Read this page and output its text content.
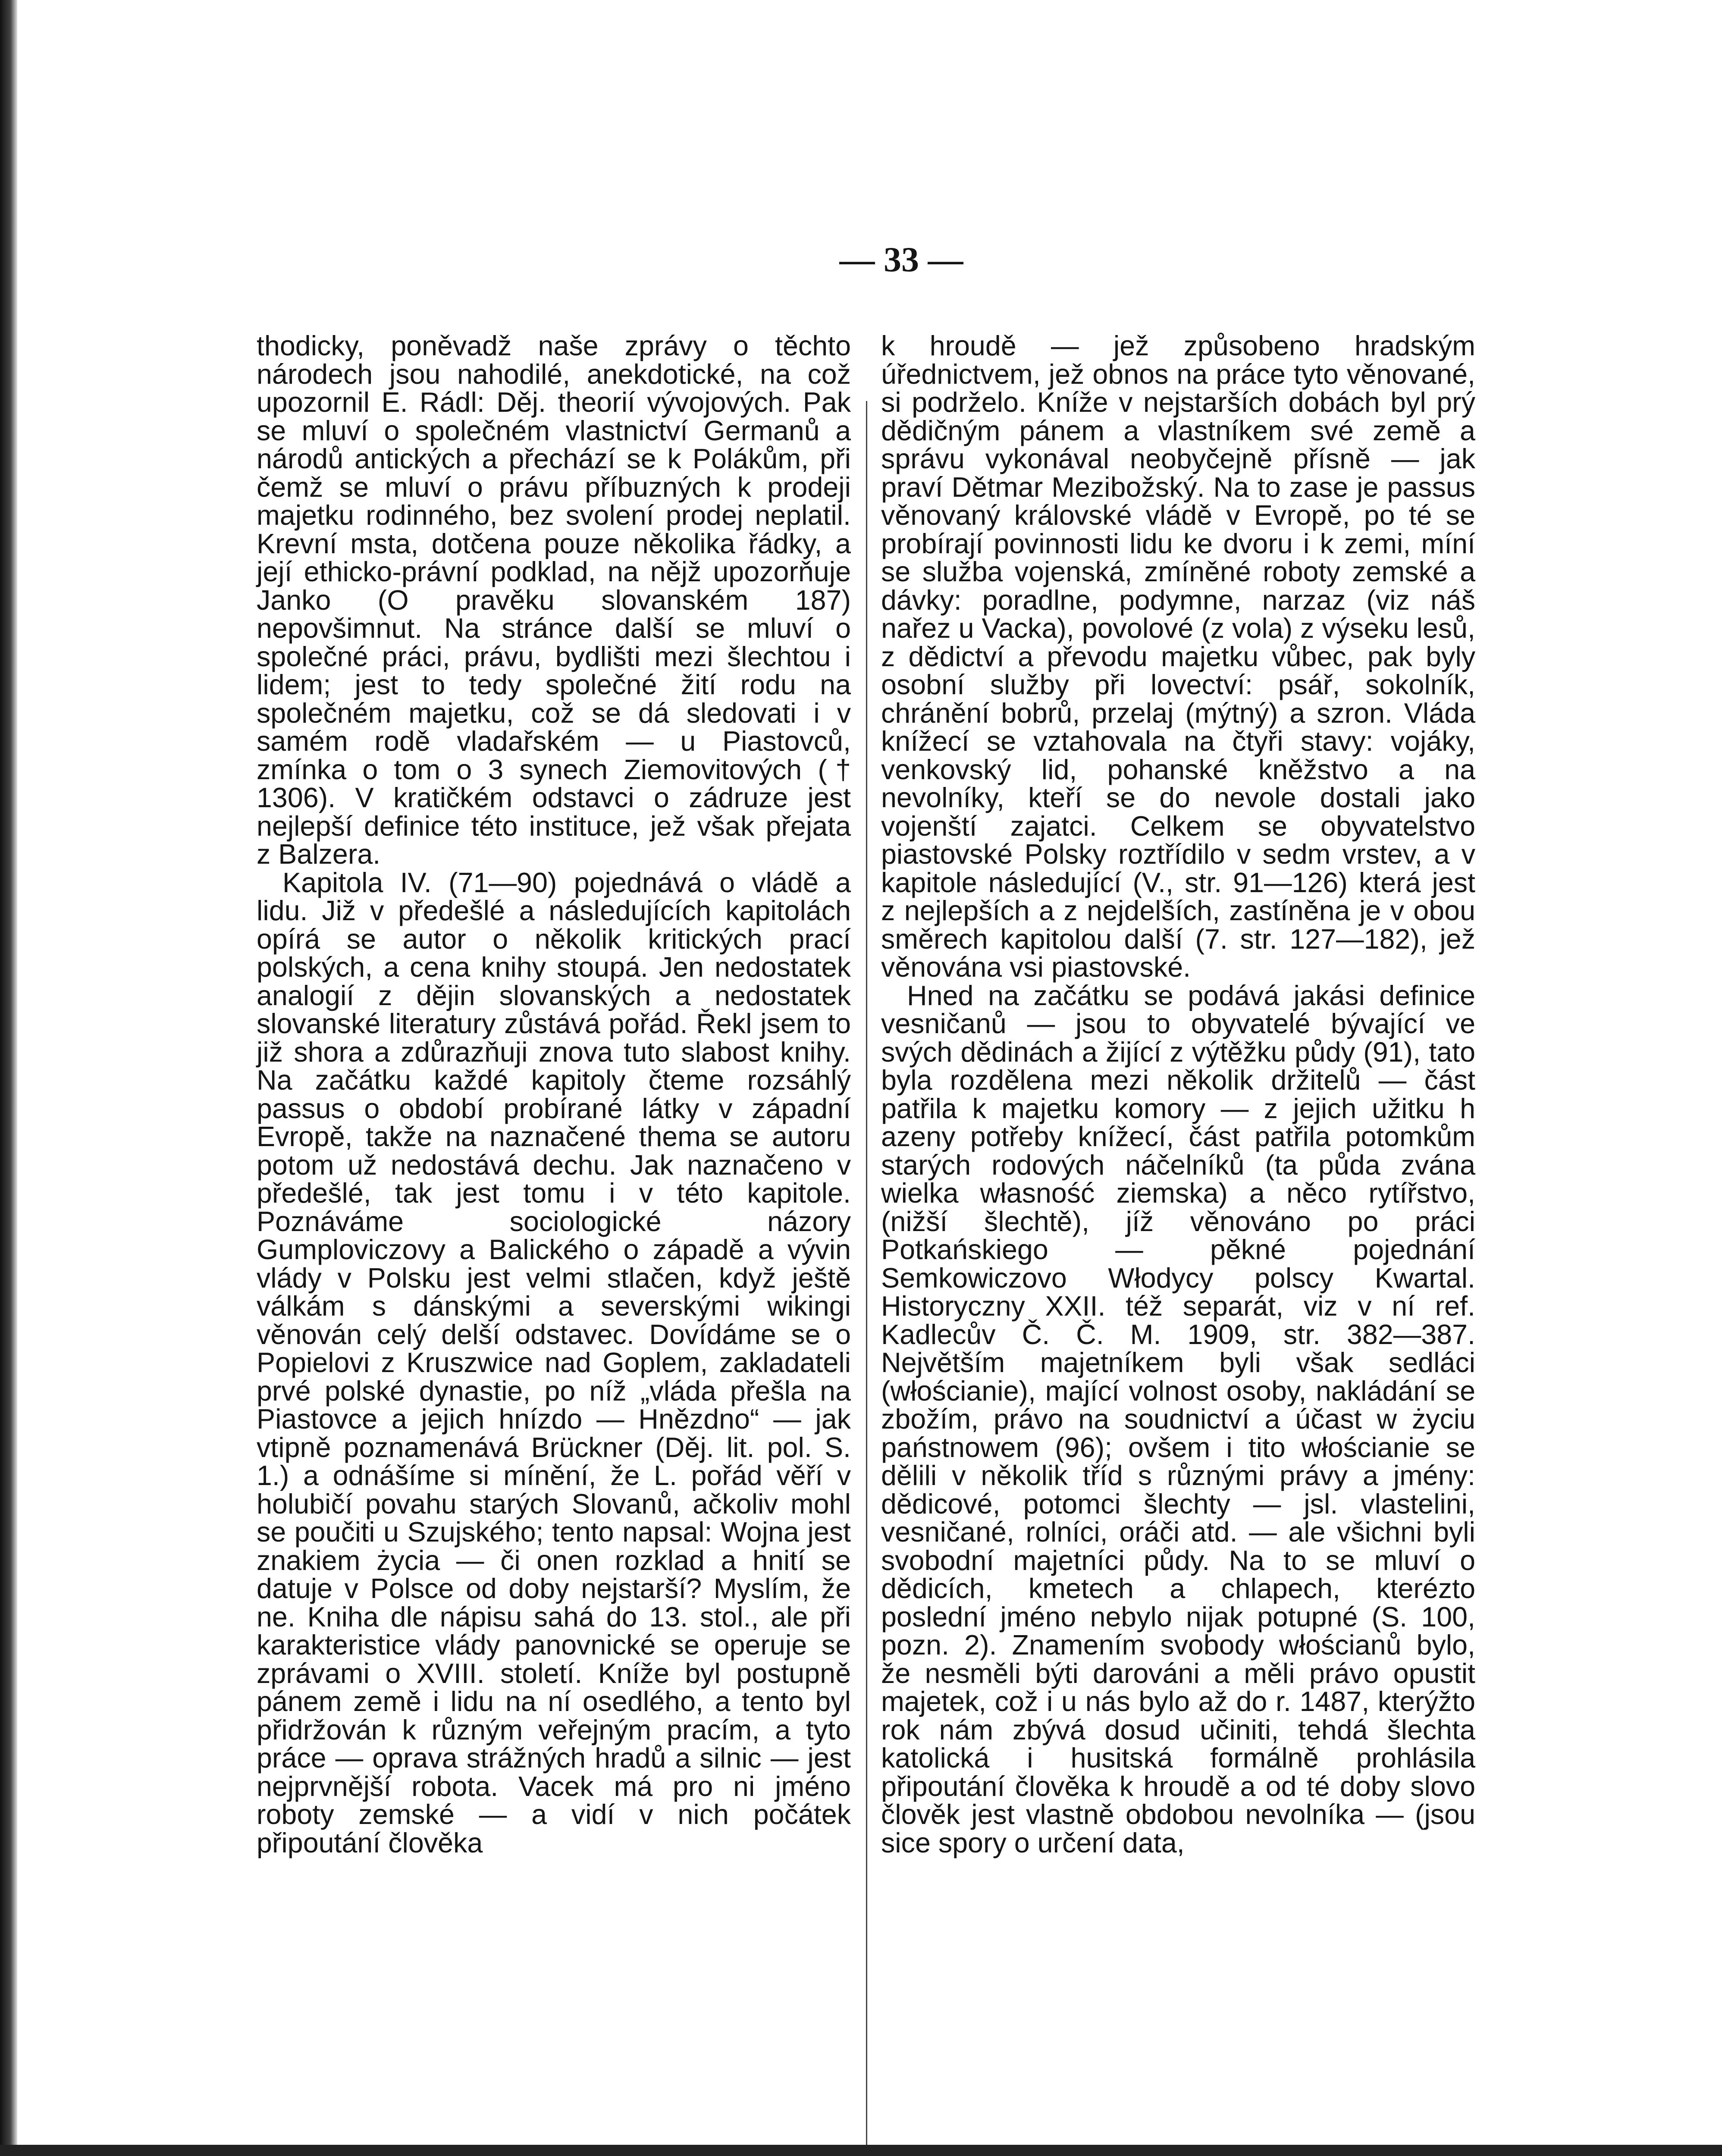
— 33 —

thodicky, poněvadž naše zprávy o těchto národech jsou nahodilé, anekdotické, na což upozornil E. Rádl: Děj. theorií vývojových. Pak se mluví o společném vlastnictví Germanů a národů antických a přechází se k Polákům, při čemž se mluví o právu příbuzných k prodeji majetku rodinného, bez svolení prodej neplatil. Krevní msta, dotčena pouze několika řádky, a její ethicko-právní podklad, na nějž upozorňuje Janko (O pravěku slovanském 187) nepovšimnut. Na stránce další se mluví o společné práci, právu, bydlišti mezi šlechtou i lidem; jest to tedy společné žití rodu na společném majetku, což se dá sledovati i v samém rodě vladařském — u Piastovců, zmínka o tom o 3 synech Ziemovitových († 1306). V kratičkém odstavci o zádruze jest nejlepší definice této instituce, jež však přejata z Balzera.

Kapitola IV. (71—90) pojednává o vládě a lidu. Již v předešlé a následujících kapitolách opírá se autor o několik kritických prací polských, a cena knihy stoupá. Jen nedostatek analogií z dějin slovanských a nedostatek slovanské literatury zůstává pořád. Řekl jsem to již shora a zdůrazňuji znova tuto slabost knihy. Na začátku každé kapitoly čteme rozsáhlý passus o období probírané látky v západní Evropě, takže na naznačené thema se autoru potom už nedostává dechu. Jak naznačeno v předešlé, tak jest tomu i v této kapitole. Poznáváme sociologické názory Gumploviczovy a Balického o západě a vývin vlády v Polsku jest velmi stlačen, když ještě válkám s dánskými a severskými wikingi věnován celý delší odstavec. Dovídáme se o Popielovi z Kruszwice nad Goplem, zakladateli prvé polské dynastie, po níž „vláda přešla na Piastovce a jejich hnízdo — Hnězdno“ — jak vtipně poznamenává Brückner (Děj. lit. pol. S. 1.) a odnášíme si mínění, že L. pořád věří v holubičí povahu starých Slovanů, ačkoliv mohl se poučiti u Szujského; tento napsal: Wojna jest znakiem życia — či onen rozklad a hnití se datuje v Polsce od doby nejstarší? Myslím, že ne. Kniha dle nápisu sahá do 13. stol., ale při karakteristice vlády panovnické se operuje se zprávami o XVIII. století. Kníže byl postupně pánem země i lidu na ní osedlého, a tento byl přidržován k různým veřejným pracím, a tyto práce — oprava strážných hradů a silnic — jest nejprvnější robota. Vacek má pro ni jméno roboty zemské — a vidí v nich počátek připoutání člověka

k hroudě — jež způsobeno hradským úřednictvem, jež obnos na práce tyto věnované, si podrželo. Kníže v nejstarších dobách byl prý dědičným pánem a vlastníkem své země a správu vykonával neobyčejně přísně — jak praví Dětmar Mezibožský. Na to zase je passus věnovaný královské vládě v Evropě, po té se probírají povinnosti lidu ke dvoru i k zemi, míní se služba vojenská, zmíněné roboty zemské a dávky: poradlne, podymne, narzaz (viz náš nařez u Vacka), povolové (z vola) z výseku lesů, z dědictví a převodu majetku vůbec, pak byly osobní služby při lovectví: psář, sokolník, chránění bobrů, przelaj (mýtný) a szron. Vláda knížecí se vztahovala na čtyři stavy: vojáky, venkovský lid, pohanské kněžstvo a na nevolníky, kteří se do nevole dostali jako vojenští zajatci. Celkem se obyvatelstvo piastovské Polsky roztřídilo v sedm vrstev, a v kapitole následující (V., str. 91—126) která jest z nejlepších a z nejdelších, zastíněna je v obou směrech kapitolou další (7. str. 127—182), jež věnována vsi piastovské.

Hned na začátku se podává jakási definice vesničanů — jsou to obyvatelé bývající ve svých dědinách a žijící z výtěžku půdy (91), tato byla rozdělena mezi několik držitelů — část patřila k majetku komory — z jejich užitku h azeny potřeby knížecí, část patřila potomkům starých rodových náčelníků (ta půda zvána wielka własność ziemska) a něco rytířstvo, (nižší šlechtě), jíž věnováno po práci Potkańskiego — pěkné pojednání Semkowiczovo Włodycy polscy Kwartal. Historyczny XXII. též separát, viz v ní ref. Kadlecův Č. Č. M. 1909, str. 382—387. Největším majetníkem byli však sedláci (włościanie), mající volnost osoby, nakládání se zbožím, právo na soudnictví a účast w życiu państnowem (96); ovšem i tito włościanie se dělili v několik tříd s různými právy a jmény: dědicové, potomci šlechty — jsl. vlastelini, vesničané, rolníci, oráči atd. — ale všichni byli svobodní majetníci půdy. Na to se mluví o dědicích, kmetech a chlapech, kterézto poslední jméno nebylo nijak potupné (S. 100, pozn. 2). Znamením svobody włościanů bylo, že nesměli býti darováni a měli právo opustit majetek, což i u nás bylo až do r. 1487, kterýžto rok nám zbývá dosud učiniti, tehdá šlechta katolická i husitská formálně prohlásila připoutání člověka k hroudě a od té doby slovo člověk jest vlastně obdobou nevolníka — (jsou sice spory o určení data,
